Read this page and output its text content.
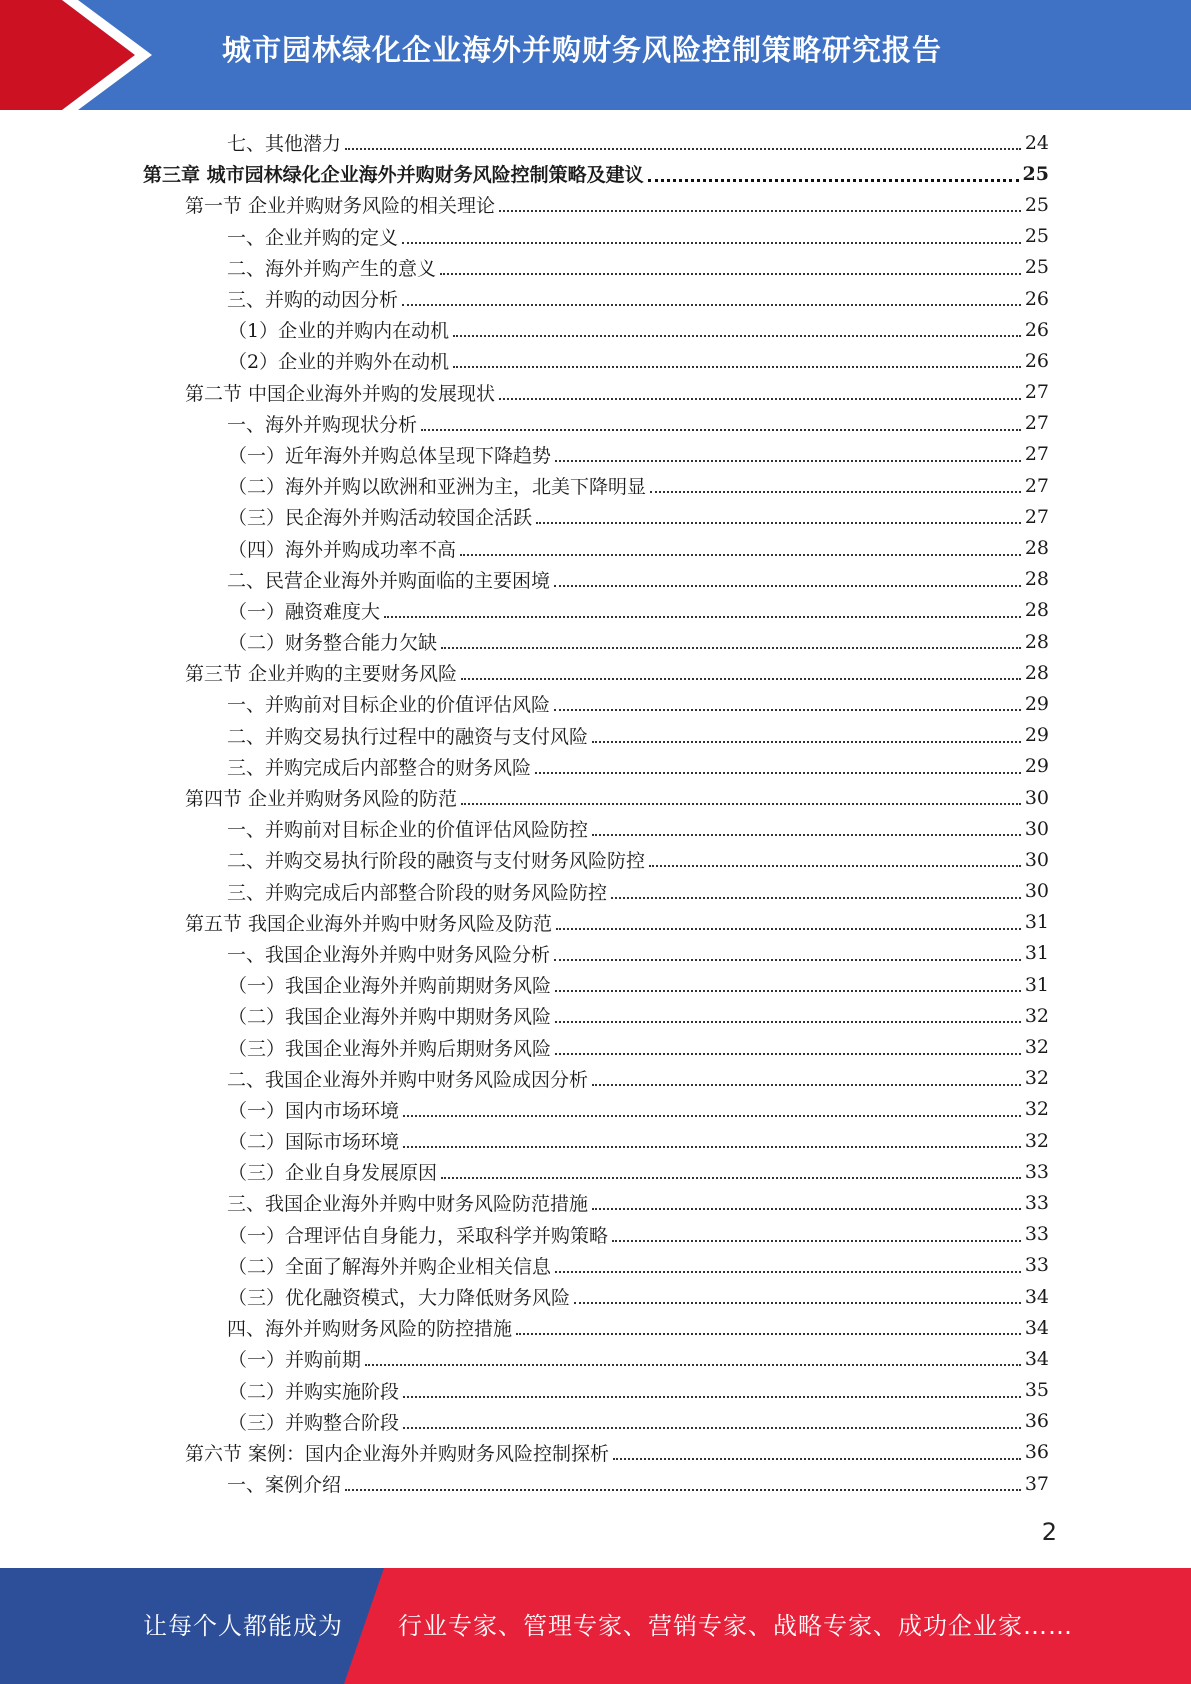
城市园林绿化企业海外并购财务风险控制策略研究报告
七、其他潜力	24
第三章 城市园林绿化企业海外并购财务风险控制策略及建议	25
第一节 企业并购财务风险的相关理论	25
一、企业并购的定义	25
二、海外并购产生的意义	25
三、并购的动因分析	26
（1）企业的并购内在动机	26
（2）企业的并购外在动机	26
第二节 中国企业海外并购的发展现状	27
一、海外并购现状分析	27
（一）近年海外并购总体呈现下降趋势	27
（二）海外并购以欧洲和亚洲为主，北美下降明显	27
（三）民企海外并购活动较国企活跃	27
（四）海外并购成功率不高	28
二、民营企业海外并购面临的主要困境	28
（一）融资难度大	28
（二）财务整合能力欠缺	28
第三节 企业并购的主要财务风险	28
一、并购前对目标企业的价值评估风险	29
二、并购交易执行过程中的融资与支付风险	29
三、并购完成后内部整合的财务风险	29
第四节 企业并购财务风险的防范	30
一、并购前对目标企业的价值评估风险防控	30
二、并购交易执行阶段的融资与支付财务风险防控	30
三、并购完成后内部整合阶段的财务风险防控	30
第五节 我国企业海外并购中财务风险及防范	31
一、我国企业海外并购中财务风险分析	31
（一）我国企业海外并购前期财务风险	31
（二）我国企业海外并购中期财务风险	32
（三）我国企业海外并购后期财务风险	32
二、我国企业海外并购中财务风险成因分析	32
（一）国内市场环境	32
（二）国际市场环境	32
（三）企业自身发展原因	33
三、我国企业海外并购中财务风险防范措施	33
（一）合理评估自身能力，采取科学并购策略	33
（二）全面了解海外并购企业相关信息	33
（三）优化融资模式，大力降低财务风险	34
四、海外并购财务风险的防控措施	34
（一）并购前期	34
（二）并购实施阶段	35
（三）并购整合阶段	36
第六节 案例：国内企业海外并购财务风险控制探析	36
一、案例介绍	37
2
让每个人都能成为 行业专家、管理专家、营销专家、战略专家、成功企业家……
